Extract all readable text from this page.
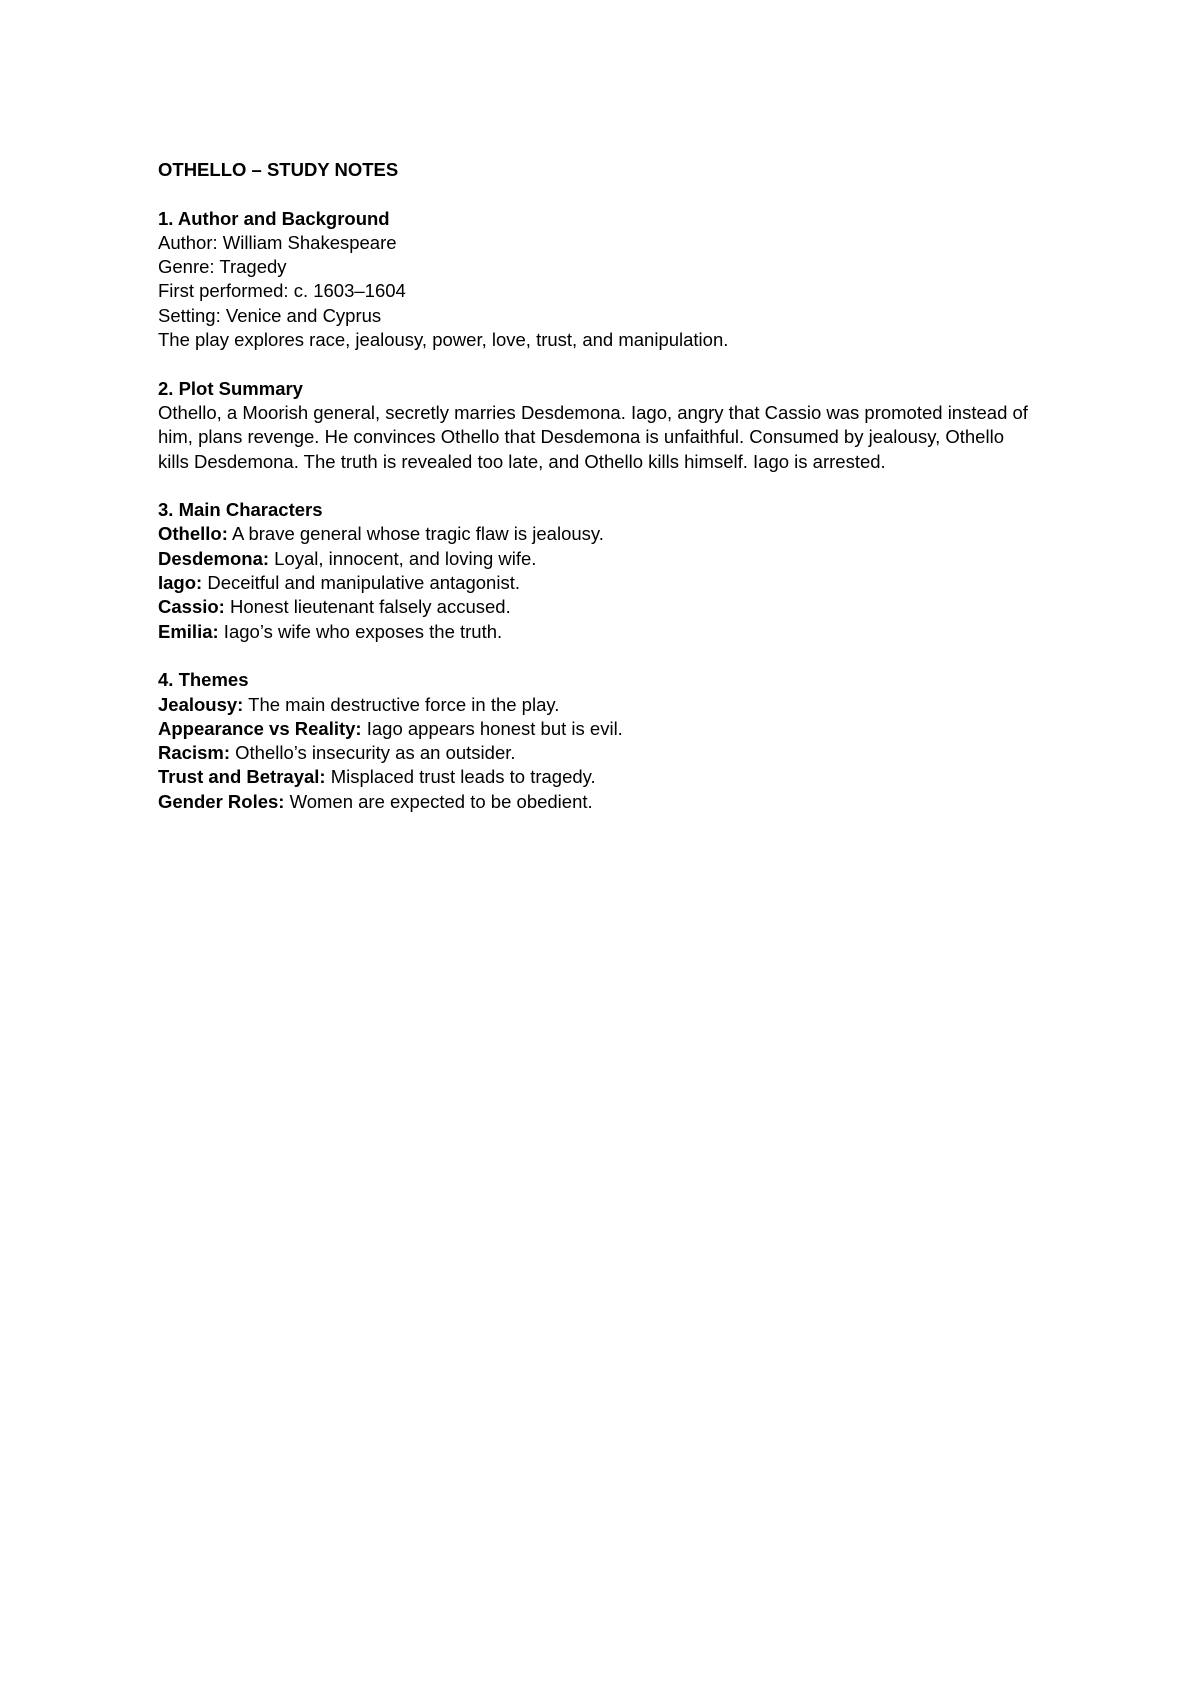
OTHELLO – STUDY NOTES

1. Author and Background

Author: William Shakespeare

Genre: Tragedy

First performed: c. 1603–1604

Setting: Venice and Cyprus

The play explores race, jealousy, power, love, trust, and manipulation.

2. Plot Summary

Othello, a Moorish general, secretly marries Desdemona. Iago, angry that Cassio was promoted instead of him, plans revenge. He convinces Othello that Desdemona is unfaithful. Consumed by jealousy, Othello kills Desdemona. The truth is revealed too late, and Othello kills himself. Iago is arrested.

3. Main Characters

Othello: A brave general whose tragic flaw is jealousy.

Desdemona: Loyal, innocent, and loving wife.

Iago: Deceitful and manipulative antagonist.

Cassio: Honest lieutenant falsely accused.

Emilia: Iago’s wife who exposes the truth.

4. Themes

Jealousy: The main destructive force in the play.

Appearance vs Reality: Iago appears honest but is evil.

Racism: Othello’s insecurity as an outsider.

Trust and Betrayal: Misplaced trust leads to tragedy.

Gender Roles: Women are expected to be obedient.
